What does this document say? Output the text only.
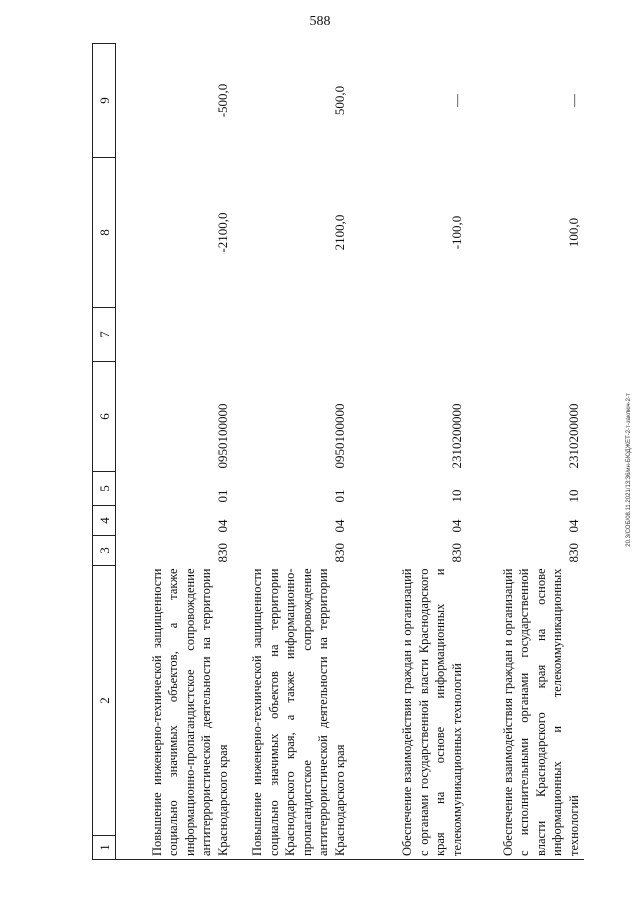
588
20.3/COБ/08.11.2021/13:36/ин-БЮДЖЕТ-2-т-заключ-2-т
1	2	3	4	5	6	7	8	9
Повышение инженерно-технической защищенности социально значимых объектов, а также информационно-пропагандистское сопровождение антитеррористической деятельности на территории Краснодарского края		830	04	01	0950100000		-2100,0	-500,0
Повышение инженерно-технической защищенности социально значимых объектов на территории Краснодарского края, а также информационно-пропагандистское сопровождение антитеррористической деятельности на территории Краснодарского края		830	04	01	0950100000		2100,0	500,0
Обеспечение взаимодействия граждан и организаций с органами государственной власти Краснодарского края на основе информационных и телекоммуникационных технологий		830	04	10	2310200000		-100,0	—
Обеспечение взаимодействия граждан и организаций с исполнительными органами государственной власти Краснодарского края на основе информационных и телекоммуникационных технологий		830	04	10	2310200000		100,0	—
